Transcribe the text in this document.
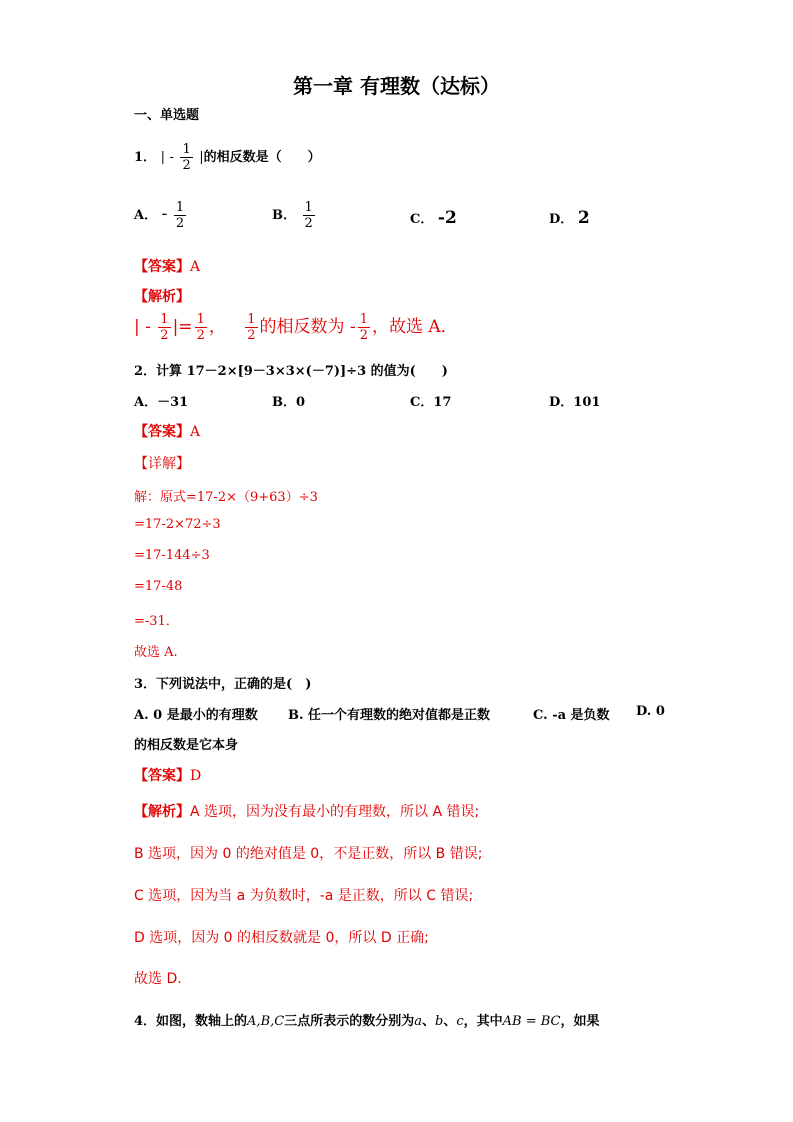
第一章 有理数（达标）
一、单选题
1． | - $\frac{1}{2}$ |的相反数是（　　）
A． - $\frac{1}{2}$	B． $\frac{1}{2}$	C． -2	D． 2
【答案】A
【解析】
| - $\frac{1}{2}$ |= $\frac{1}{2}$ ， $\frac{1}{2}$ 的相反数为 - $\frac{1}{2}$ ，故选 A．
2．计算 17－2×[9－3×3×(－7)]÷3 的值为(　　)
A．－31	B．0	C．17	D．101
【答案】A
【详解】
解：原式=17-2×（9+63）÷3
=17-2×72÷3
=17-144÷3
=17-48
=-31．
故选 A.
3．下列说法中，正确的是(　)
A. 0 是最小的有理数 B. 任一个有理数的绝对值都是正数	C. -a 是负数 D. 0
的相反数是它本身
【答案】D
【解析】A 选项，因为没有最小的有理数，所以 A 错误;
B 选项，因为 0 的绝对值是 0，不是正数，所以 B 错误;
C 选项，因为当 a 为负数时，-a 是正数，所以 C 错误;
D 选项，因为 0 的相反数就是 0，所以 D 正确;
故选 D.
4．如图，数轴上的A,B,C三点所表示的数分别为a、b、c，其中AB = BC，如果
